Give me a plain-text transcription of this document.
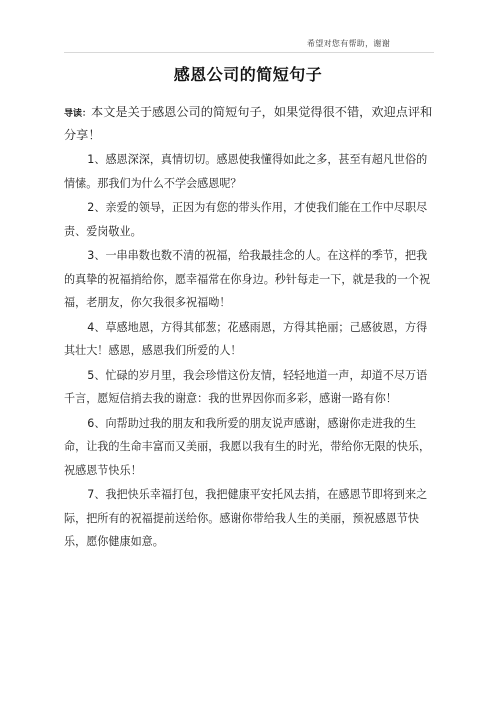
希望对您有帮助，谢谢
感恩公司的简短句子

导读：本文是关于感恩公司的简短句子，如果觉得很不错，欢迎点评和分享！

1、感恩深深，真情切切。感恩使我懂得如此之多，甚至有超凡世俗的情愫。那我们为什么不学会感恩呢？

2、亲爱的领导，正因为有您的带头作用，才使我们能在工作中尽职尽责、爱岗敬业。

3、一串串数也数不清的祝福，给我最挂念的人。在这样的季节，把我的真挚的祝福捎给你，愿幸福常在你身边。秒针每走一下，就是我的一个祝福，老朋友，你欠我很多祝福呦！

4、草感地恩，方得其郁葱；花感雨恩，方得其艳丽；己感彼恩，方得其壮大！感恩，感恩我们所爱的人！

5、忙碌的岁月里，我会珍惜这份友情，轻轻地道一声，却道不尽万语千言，愿短信捎去我的谢意：我的世界因你而多彩，感谢一路有你！

6、向帮助过我的朋友和我所爱的朋友说声感谢，感谢你走进我的生命，让我的生命丰富而又美丽，我愿以我有生的时光，带给你无限的快乐，祝感恩节快乐！

7、我把快乐幸福打包，我把健康平安托风去捎，在感恩节即将到来之际，把所有的祝福提前送给你。感谢你带给我人生的美丽，预祝感恩节快乐，愿你健康如意。
